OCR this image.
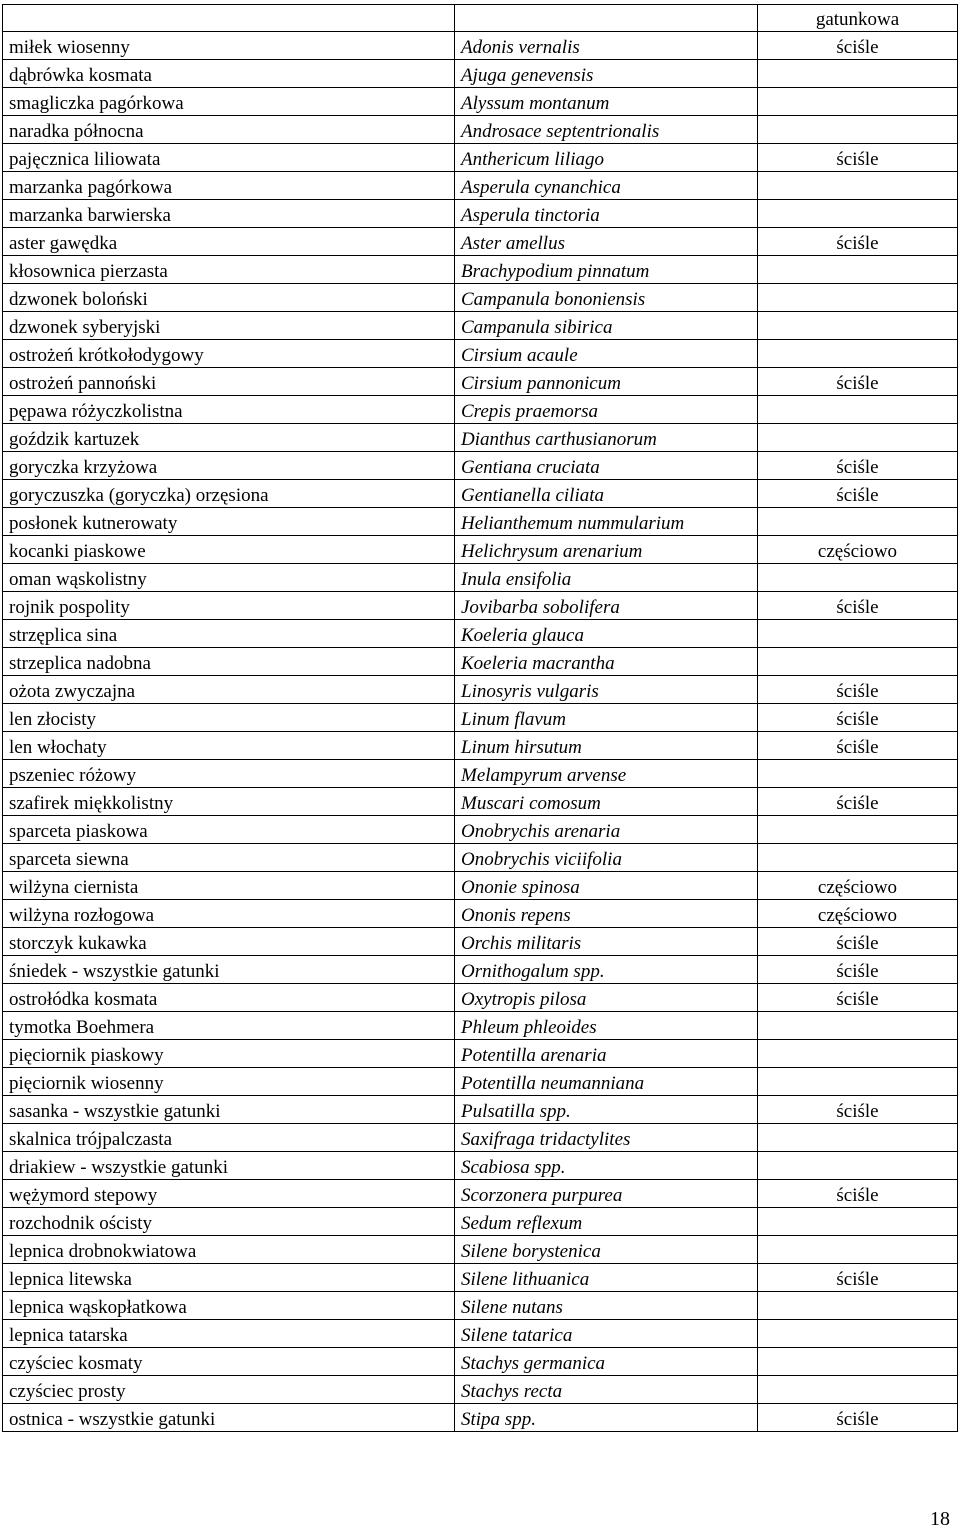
		gatunkowa
miłek wiosenny	Adonis vernalis	ściśle
dąbrówka kosmata	Ajuga genevensis	
smagliczka pagórkowa	Alyssum montanum	
naradka północna	Androsace septentrionalis	
pajęcznica liliowata	Anthericum liliago	ściśle
marzanka pagórkowa	Asperula cynanchica	
marzanka barwierska	Asperula tinctoria	
aster gawędka	Aster amellus	ściśle
kłosownica pierzasta	Brachypodium pinnatum	
dzwonek boloński	Campanula bononiensis	
dzwonek syberyjski	Campanula sibirica	
ostrożeń krótkołodygowy	Cirsium acaule	
ostrożeń pannoński	Cirsium pannonicum	ściśle
pępawa różyczkolistna	Crepis praemorsa	
goździk kartuzek	Dianthus carthusianorum	
goryczka krzyżowa	Gentiana cruciata	ściśle
goryczuszka (goryczka) orzęsiona	Gentianella ciliata	ściśle
posłonek kutnerowaty	Helianthemum nummularium	
kocanki piaskowe	Helichrysum arenarium	częściowo
oman wąskolistny	Inula ensifolia	
rojnik pospolity	Jovibarba sobolifera	ściśle
strzęplica sina	Koeleria glauca	
strzeplica nadobna	Koeleria macrantha	
ożota zwyczajna	Linosyris vulgaris	ściśle
len złocisty	Linum flavum	ściśle
len włochaty	Linum hirsutum	ściśle
pszeniec różowy	Melampyrum arvense	
szafirek miękkolistny	Muscari comosum	ściśle
sparceta piaskowa	Onobrychis arenaria	
sparceta siewna	Onobrychis viciifolia	
wilżyna ciernista	Ononie spinosa	częściowo
wilżyna rozłogowa	Ononis repens	częściowo
storczyk kukawka	Orchis militaris	ściśle
śniedek - wszystkie gatunki	Ornithogalum spp.	ściśle
ostrołódka kosmata	Oxytropis pilosa	ściśle
tymotka Boehmera	Phleum phleoides	
pięciornik piaskowy	Potentilla arenaria	
pięciornik wiosenny	Potentilla neumanniana	
sasanka - wszystkie gatunki	Pulsatilla spp.	ściśle
skalnica trójpalczasta	Saxifraga tridactylites	
driakiew - wszystkie gatunki	Scabiosa spp.	
wężymord stepowy	Scorzonera purpurea	ściśle
rozchodnik ościsty	Sedum reflexum	
lepnica drobnokwiatowa	Silene borystenica	
lepnica litewska	Silene lithuanica	ściśle
lepnica wąskopłatkowa	Silene nutans	
lepnica tatarska	Silene tatarica	
czyściec kosmaty	Stachys germanica	
czyściec prosty	Stachys recta	
ostnica - wszystkie gatunki	Stipa spp.	ściśle
18
